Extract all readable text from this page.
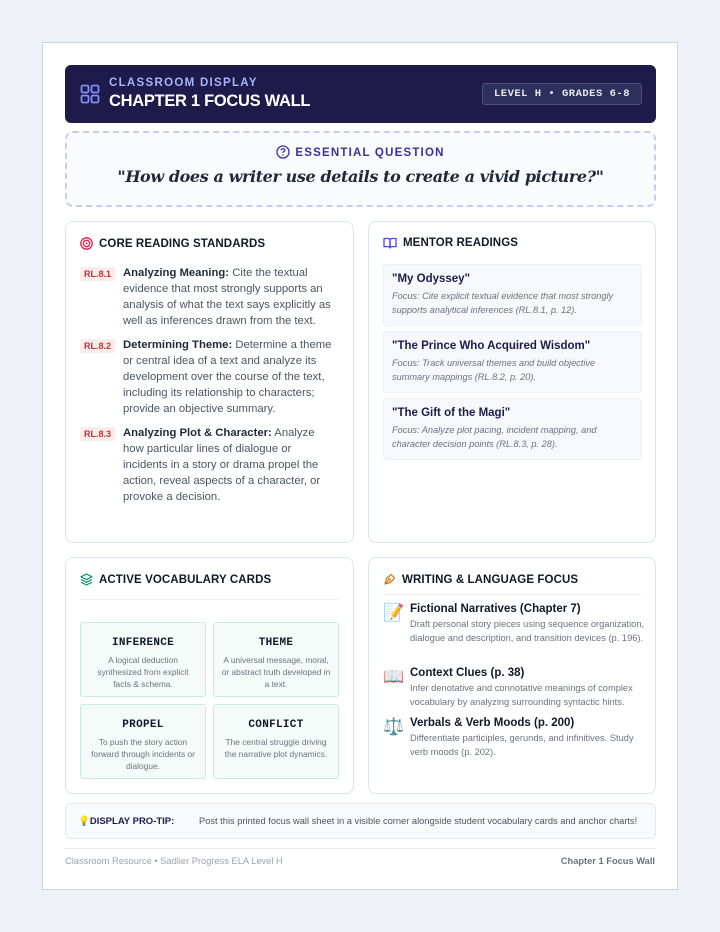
CLASSROOM DISPLAY
CHAPTER 1 FOCUS WALL	LEVEL H • GRADES 6-8
ESSENTIAL QUESTION
"How does a writer use details to create a vivid picture?"
CORE READING STANDARDS
RL.8.1	Analyzing Meaning: Cite the textual evidence that most strongly supports an analysis of what the text says explicitly as well as inferences drawn from the text.
RL.8.2	Determining Theme: Determine a theme or central idea of a text and analyze its development over the course of the text, including its relationship to characters; provide an objective summary.
RL.8.3	Analyzing Plot & Character: Analyze how particular lines of dialogue or incidents in a story or drama propel the action, reveal aspects of a character, or provoke a decision.
MENTOR READINGS
"My Odyssey"
Focus: Cite explicit textual evidence that most strongly supports analytical inferences (RL.8.1, p. 12).
"The Prince Who Acquired Wisdom"
Focus: Track universal themes and build objective summary mappings (RL.8.2, p. 20).
"The Gift of the Magi"
Focus: Analyze plot pacing, incident mapping, and character decision points (RL.8.3, p. 28).
ACTIVE VOCABULARY CARDS
INFERENCE
A logical deduction synthesized from explicit facts & schema.
THEME
A universal message, moral, or abstract truth developed in a text.
PROPEL
To push the story action forward through incidents or dialogue.
CONFLICT
The central struggle driving the narrative plot dynamics.
WRITING & LANGUAGE FOCUS
📝 Fictional Narratives (Chapter 7)
Draft personal story pieces using sequence organization, dialogue and description, and transition devices (p. 196).
📖 Context Clues (p. 38)
Infer denotative and connotative meanings of complex vocabulary by analyzing surrounding syntactic hints.
⚖️ Verbals & Verb Moods (p. 200)
Differentiate participles, gerunds, and infinitives. Study verb moods (p. 202).
💡DISPLAY PRO-TIP:	Post this printed focus wall sheet in a visible corner alongside student vocabulary cards and anchor charts!
Classroom Resource • Sadlier Progress ELA Level H	Chapter 1 Focus Wall
